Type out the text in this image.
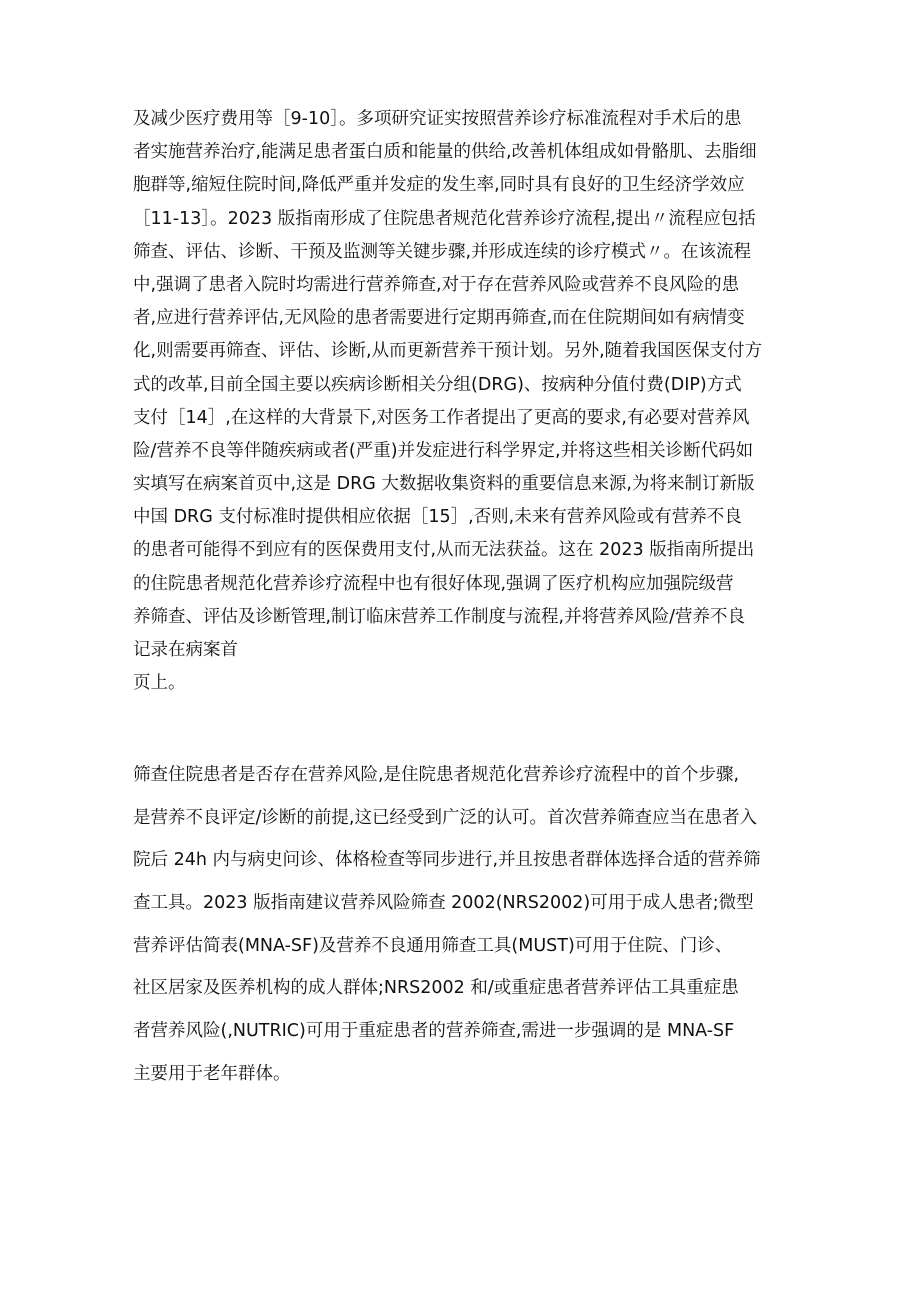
及减少医疗费用等［9-10］。多项研究证实按照营养诊疗标准流程对手术后的患
者实施营养治疗,能满足患者蛋白质和能量的供给,改善机体组成如骨骼肌、去脂细
胞群等,缩短住院时间,降低严重并发症的发生率,同时具有良好的卫生经济学效应
［11-13］。2023 版指南形成了住院患者规范化营养诊疗流程,提出〃流程应包括
筛查、评估、诊断、干预及监测等关键步骤,并形成连续的诊疗模式〃。在该流程
中,强调了患者入院时均需进行营养筛查,对于存在营养风险或营养不良风险的患
者,应进行营养评估,无风险的患者需要进行定期再筛查,而在住院期间如有病情变
化,则需要再筛查、评估、诊断,从而更新营养干预计划。另外,随着我国医保支付方
式的改革,目前全国主要以疾病诊断相关分组(DRG)、按病种分值付费(DIP)方式
支付［14］,在这样的大背景下,对医务工作者提出了更高的要求,有必要对营养风
险/营养不良等伴随疾病或者(严重)并发症进行科学界定,并将这些相关诊断代码如
实填写在病案首页中,这是 DRG 大数据收集资料的重要信息来源,为将来制订新版
中国 DRG 支付标准时提供相应依据［15］,否则,未来有营养风险或有营养不良
的患者可能得不到应有的医保费用支付,从而无法获益。这在 2023 版指南所提出
的住院患者规范化营养诊疗流程中也有很好体现,强调了医疗机构应加强院级营
养筛查、评估及诊断管理,制订临床营养工作制度与流程,并将营养风险/营养不良
记录在病案首
页上。
筛查住院患者是否存在营养风险,是住院患者规范化营养诊疗流程中的首个步骤,
是营养不良评定/诊断的前提,这已经受到广泛的认可。首次营养筛查应当在患者入
院后 24h 内与病史问诊、体格检查等同步进行,并且按患者群体选择合适的营养筛
查工具。2023 版指南建议营养风险筛查 2002(NRS2002)可用于成人患者;微型
营养评估简表(MNA-SF)及营养不良通用筛查工具(MUST)可用于住院、门诊、
社区居家及医养机构的成人群体;NRS2002 和/或重症患者营养评估工具重症患
者营养风险(,NUTRIC)可用于重症患者的营养筛查,需进一步强调的是 MNA-SF
主要用于老年群体。
